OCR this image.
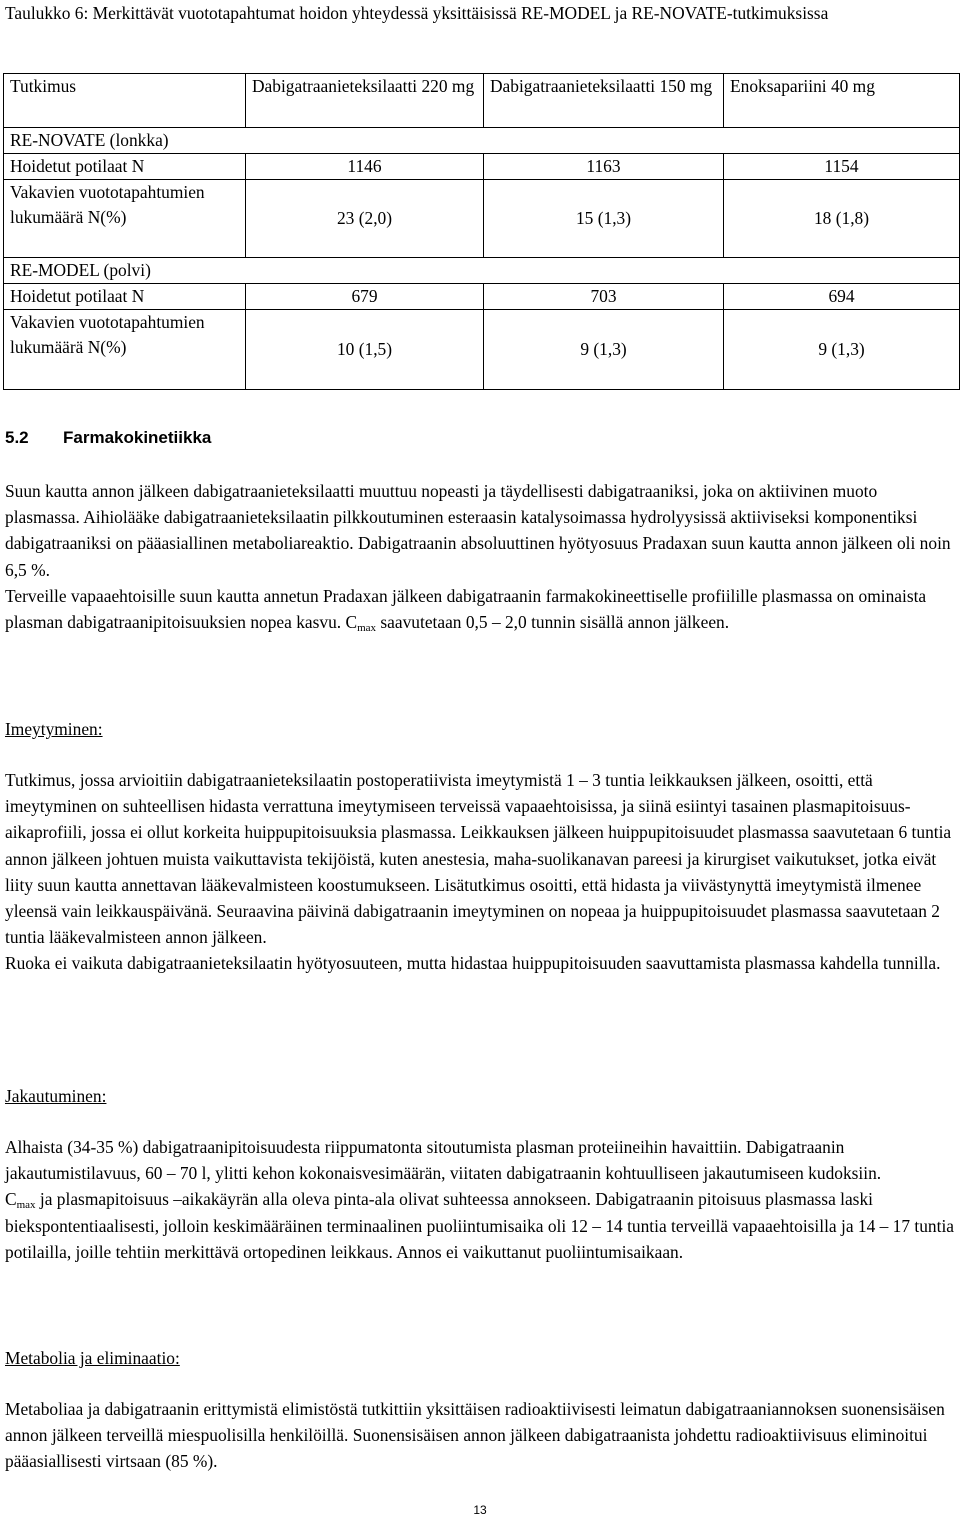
Taulukko 6: Merkittävät vuototapahtumat hoidon yhteydessä yksittäisissä RE-MODEL ja RE-NOVATE-tutkimuksissa
Tutkimus	Dabigatraanieteksilaatti 220 mg	Dabigatraanieteksilaatti 150 mg	Enoksapariini 40 mg
RE-NOVATE (lonkka)			
Hoidetut potilaat N	1146	1163	1154
Vakavien vuototapahtumien lukumäärä N(%)	23 (2,0)	15 (1,3)	18 (1,8)
RE-MODEL (polvi)			
Hoidetut potilaat N	679	703	694
Vakavien vuototapahtumien lukumäärä N(%)	10 (1,5)	9 (1,3)	9 (1,3)
5.2 Farmakokinetiikka

Suun kautta annon jälkeen dabigatraanieteksilaatti muuttuu nopeasti ja täydellisesti dabigatraaniksi, joka on aktiivinen muoto plasmassa. Aihiolääke dabigatraanieteksilaatin pilkkoutuminen esteraasin katalysoimassa hydrolyysissä aktiiviseksi komponentiksi dabigatraaniksi on pääasiallinen metaboliareaktio. Dabigatraanin absoluuttinen hyötyosuus Pradaxan suun kautta annon jälkeen oli noin 6,5 %.

Terveille vapaaehtoisille suun kautta annetun Pradaxan jälkeen dabigatraanin farmakokineettiselle profiilille plasmassa on ominaista plasman dabigatraanipitoisuuksien nopea kasvu. $C_{max}$ saavutetaan 0,5 – 2,0 tunnin sisällä annon jälkeen.

Imeytyminen:

Tutkimus, jossa arvioitiin dabigatraanieteksilaatin postoperatiivista imeytymistä 1 – 3 tuntia leikkauksen jälkeen, osoitti, että imeytyminen on suhteellisen hidasta verrattuna imeytymiseen terveissä vapaaehtoisissa, ja siinä esiintyi tasainen plasmapitoisuus-aikaprofiili, jossa ei ollut korkeita huippupitoisuuksia plasmassa. Leikkauksen jälkeen huippupitoisuudet plasmassa saavutetaan 6 tuntia annon jälkeen johtuen muista vaikuttavista tekijöistä, kuten anestesia, maha-suolikanavan pareesi ja kirurgiset vaikutukset, jotka eivät liity suun kautta annettavan lääkevalmisteen koostumukseen. Lisätutkimus osoitti, että hidasta ja viivästynyttä imeytymistä ilmenee yleensä vain leikkauspäivänä. Seuraavina päivinä dabigatraanin imeytyminen on nopeaa ja huippupitoisuudet plasmassa saavutetaan 2 tuntia lääkevalmisteen annon jälkeen.

Ruoka ei vaikuta dabigatraanieteksilaatin hyötyosuuteen, mutta hidastaa huippupitoisuuden saavuttamista plasmassa kahdella tunnilla.

Jakautuminen:

Alhaista (34-35 %) dabigatraanipitoisuudesta riippumatonta sitoutumista plasman proteiineihin havaittiin. Dabigatraanin jakautumistilavuus, 60 – 70 l, ylitti kehon kokonaisvesimäärän, viitaten dabigatraanin kohtuulliseen jakautumiseen kudoksiin.

$C_{max}$ ja plasmapitoisuus –aikakäyrän alla oleva pinta-ala olivat suhteessa annokseen. Dabigatraanin pitoisuus plasmassa laski biekspontentiaalisesti, jolloin keskimääräinen terminaalinen puoliintumisaika oli 12 – 14 tuntia terveillä vapaaehtoisilla ja 14 – 17 tuntia potilailla, joille tehtiin merkittävä ortopedinen leikkaus. Annos ei vaikuttanut puoliintumisaikaan.

Metabolia ja eliminaatio:

Metaboliaa ja dabigatraanin erittymistä elimistöstä tutkittiin yksittäisen radioaktiivisesti leimatun dabigatraaniannoksen suonensisäisen annon jälkeen terveillä miespuolisilla henkilöillä. Suonensisäisen annon jälkeen dabigatraanista johdettu radioaktiivisuus eliminoitui pääasiallisesti virtsaan (85 %).

13
